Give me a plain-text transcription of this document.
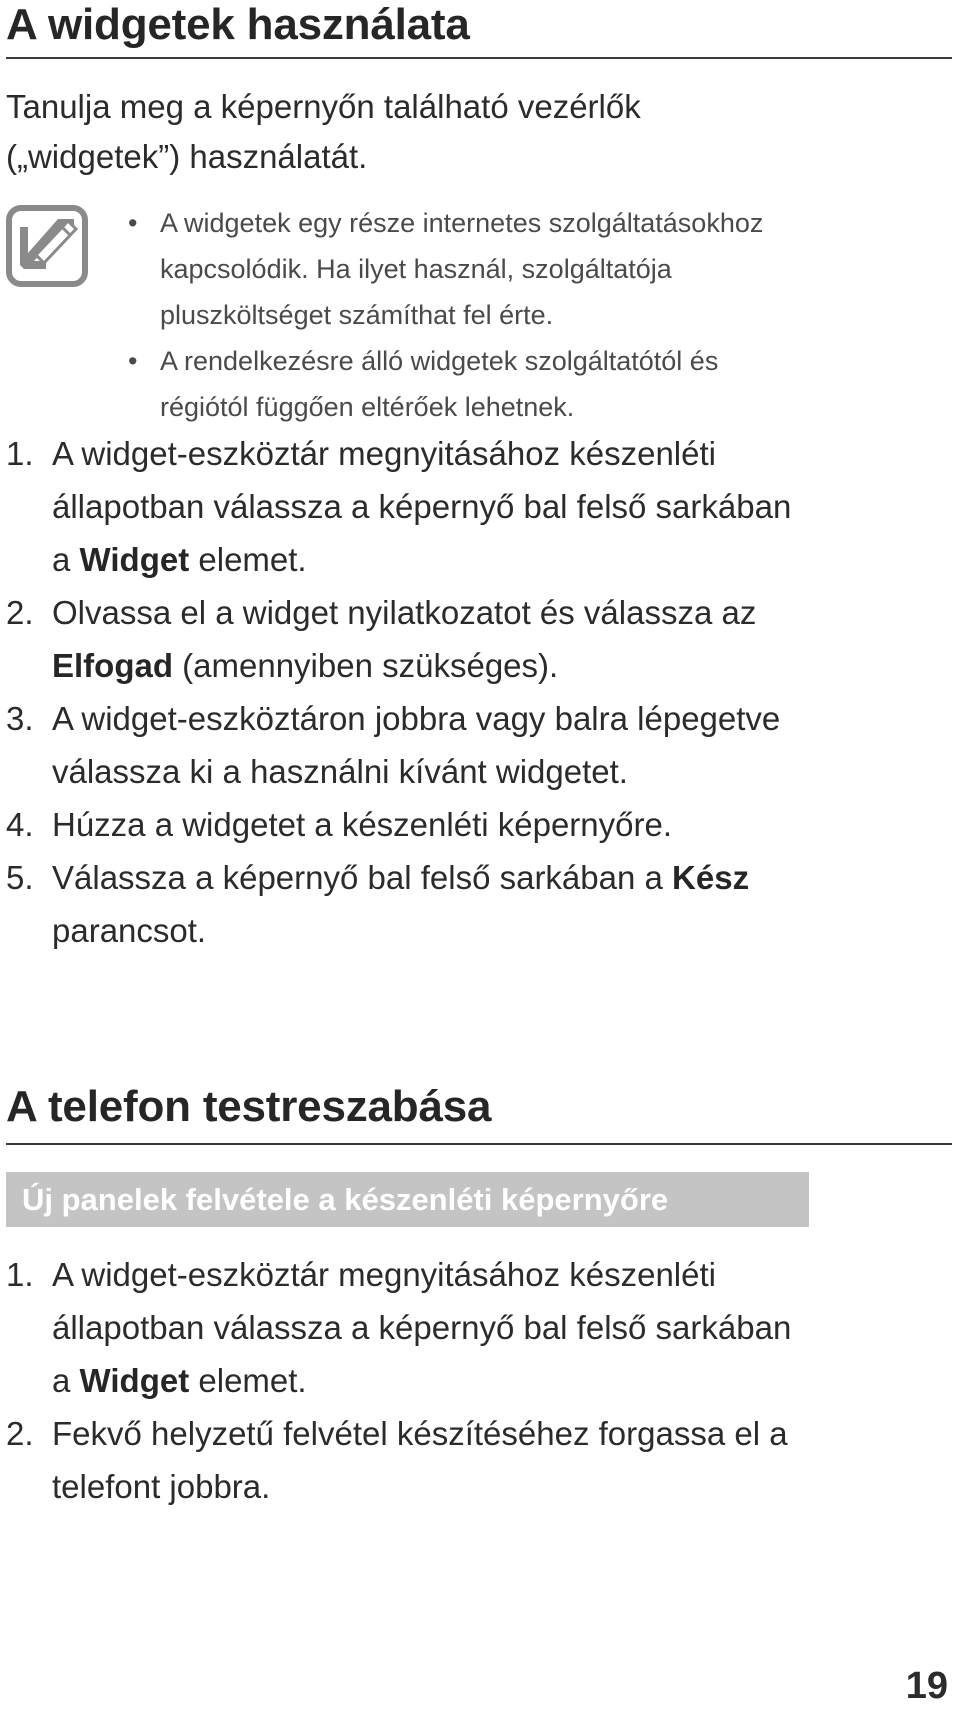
A widgetek használata
Tanulja meg a képernyőn található vezérlők
(„widgetek”) használatát.
• A widgetek egy része internetes szolgáltatásokhoz
kapcsolódik. Ha ilyet használ, szolgáltatója
pluszköltséget számíthat fel érte.
• A rendelkezésre álló widgetek szolgáltatótól és
régiótól függően eltérőek lehetnek.
1. A widget-eszköztár megnyitásához készenléti
állapotban válassza a képernyő bal felső sarkában
a Widget elemet.
2. Olvassa el a widget nyilatkozatot és válassza az
Elfogad (amennyiben szükséges).
3. A widget-eszköztáron jobbra vagy balra lépegetve
válassza ki a használni kívánt widgetet.
4. Húzza a widgetet a készenléti képernyőre.
5. Válassza a képernyő bal felső sarkában a Kész
parancsot.
A telefon testreszabása
Új panelek felvétele a készenléti képernyőre
1. A widget-eszköztár megnyitásához készenléti
állapotban válassza a képernyő bal felső sarkában
a Widget elemet.
2. Fekvő helyzetű felvétel készítéséhez forgassa el a
telefont jobbra.
19
